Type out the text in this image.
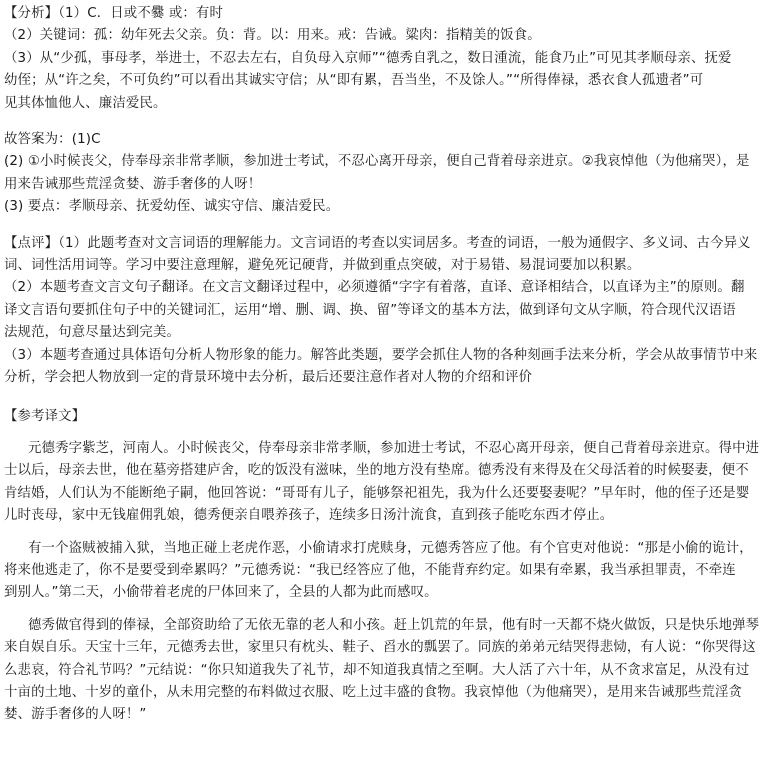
【分析】（1）C．日或不爨 或：有时
（2）关键词：孤：幼年死去父亲。负：背。以：用来。戒：告诫。粱肉：指精美的饭食。
（3）从“少孤，事母孝，举进士，不忍去左右，自负母入京师”“德秀自乳之，数日湩流，能食乃止”可见其孝顺母亲、抚爱
幼侄；从“许之矣，不可负约”可以看出其诚实守信；从“即有累，吾当坐，不及馀人。”“所得俸禄，悉衣食人孤遗者”可
见其体恤他人、廉洁爱民。
故答案为：(1)C
(2) ①小时候丧父，侍奉母亲非常孝顺，参加进士考试，不忍心离开母亲，便自己背着母亲进京。②我哀悼他（为他痛哭），是
用来告诫那些荒淫贪婪、游手奢侈的人呀！
(3) 要点：孝顺母亲、抚爱幼侄、诚实守信、廉洁爱民。
【点评】（1）此题考查对文言词语的理解能力。文言词语的考查以实词居多。考查的词语，一般为通假字、多义词、古今异义
词、词性活用词等。学习中要注意理解，避免死记硬背，并做到重点突破，对于易错、易混词要加以积累。
（2）本题考查文言文句子翻译。在文言文翻译过程中，必须遵循“字字有着落，直译、意译相结合，以直译为主”的原则。翻
译文言语句要抓住句子中的关键词汇，运用“增、删、调、换、留”等译文的基本方法，做到译句文从字顺，符合现代汉语语
法规范，句意尽量达到完美。
（3）本题考查通过具体语句分析人物形象的能力。解答此类题，要学会抓住人物的各种刻画手法来分析，学会从故事情节中来
分析，学会把人物放到一定的背景环境中去分析，最后还要注意作者对人物的介绍和评价
【参考译文】
元德秀字紫芝，河南人。小时候丧父，侍奉母亲非常孝顺，参加进士考试，不忍心离开母亲，便自己背着母亲进京。得中进
士以后，母亲去世，他在墓旁搭建庐舍，吃的饭没有滋味，坐的地方没有垫席。德秀没有来得及在父母活着的时候娶妻，便不
肯结婚，人们认为不能断绝子嗣，他回答说：“哥哥有儿子，能够祭祀祖先，我为什么还要娶妻呢？”早年时，他的侄子还是婴
儿时丧母，家中无钱雇佣乳娘，德秀便亲自喂养孩子，连续多日汤汁流食，直到孩子能吃东西才停止。
有一个盗贼被捕入狱，当地正碰上老虎作恶，小偷请求打虎赎身，元德秀答应了他。有个官吏对他说：“那是小偷的诡计，
将来他逃走了，你不是要受到牵累吗？”元德秀说：“我已经答应了他，不能背弃约定。如果有牵累，我当承担罪责，不牵连
到别人。”第二天，小偷带着老虎的尸体回来了，全县的人都为此而感叹。
德秀做官得到的俸禄，全部资助给了无依无靠的老人和小孩。赶上饥荒的年景，他有时一天都不烧火做饭，只是快乐地弹琴
来自娱自乐。天宝十三年，元德秀去世，家里只有枕头、鞋子、舀水的瓢罢了。同族的弟弟元结哭得悲恸，有人说：“你哭得这
么悲哀，符合礼节吗？”元结说：“你只知道我失了礼节，却不知道我真情之至啊。大人活了六十年，从不贪求富足，从没有过
十亩的土地、十岁的童仆，从未用完整的布料做过衣服、吃上过丰盛的食物。我哀悼他（为他痛哭），是用来告诫那些荒淫贪
婪、游手奢侈的人呀！”
